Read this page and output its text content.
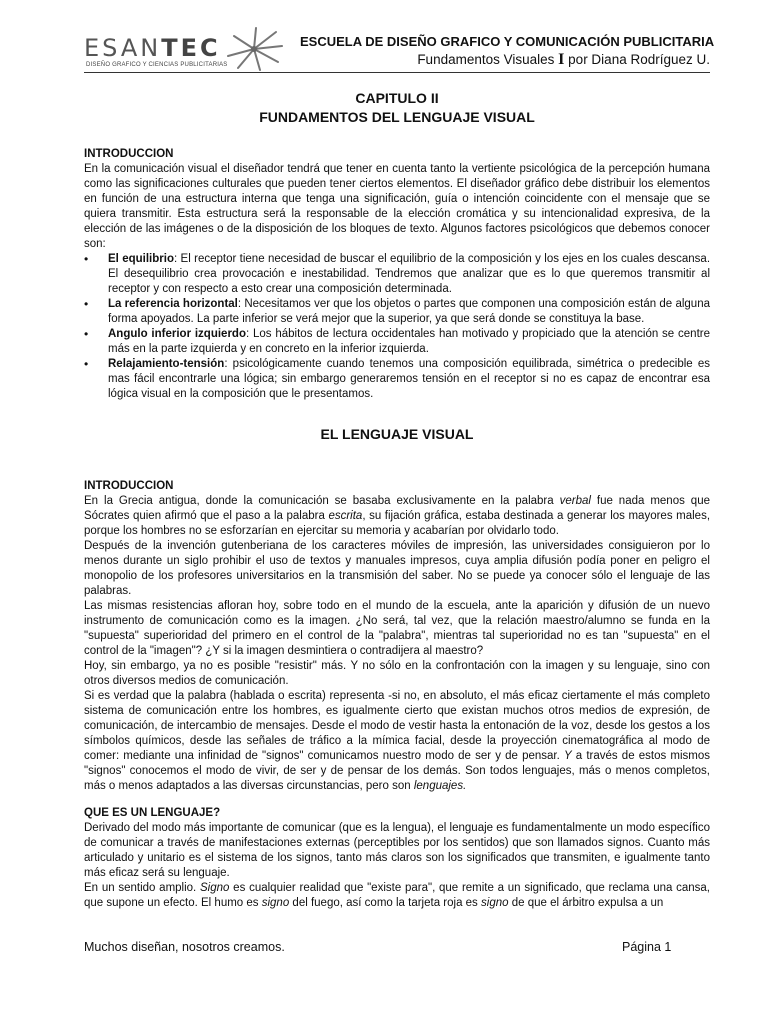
ESANTEC
DISEÑO GRAFICO Y CIENCIAS PUBLICITARIAS
ESCUELA DE DISEÑO GRAFICO Y COMUNICACIÓN PUBLICITARIA
Fundamentos Visuales I por Diana Rodríguez U.
CAPITULO II
FUNDAMENTOS DEL LENGUAJE VISUAL
INTRODUCCION

En la comunicación visual el diseñador tendrá que tener en cuenta tanto la vertiente psicológica de la percepción humana como las significaciones culturales que pueden tener ciertos elementos. El diseñador gráfico debe distribuir los elementos en función de una estructura interna que tenga una significación, guía o intención coincidente con el mensaje que se quiera transmitir. Esta estructura será la responsable de la elección cromática y su intencionalidad expresiva, de la elección de las imágenes o de la disposición de los bloques de texto. Algunos factores psicológicos que debemos conocer son:

• El equilibrio: El receptor tiene necesidad de buscar el equilibrio de la composición y los ejes en los cuales descansa. El desequilibrio crea provocación e inestabilidad. Tendremos que analizar que es lo que queremos transmitir al receptor y con respecto a esto crear una composición determinada.
• La referencia horizontal: Necesitamos ver que los objetos o partes que componen una composición están de alguna forma apoyados. La parte inferior se verá mejor que la superior, ya que será donde se constituya la base.
• Angulo inferior izquierdo: Los hábitos de lectura occidentales han motivado y propiciado que la atención se centre más en la parte izquierda y en concreto en la inferior izquierda.
• Relajamiento-tensión: psicológicamente cuando tenemos una composición equilibrada, simétrica o predecible es mas fácil encontrarle una lógica; sin embargo generaremos tensión en el receptor si no es capaz de encontrar esa lógica visual en la composición que le presentamos.
EL LENGUAJE VISUAL
INTRODUCCION

En la Grecia antigua, donde la comunicación se basaba exclusivamente en la palabra verbal fue nada menos que Sócrates quien afirmó que el paso a la palabra escrita, su fijación gráfica, estaba destinada a generar los mayores males, porque los hombres no se esforzarían en ejercitar su memoria y acabarían por olvidarlo todo.

Después de la invención gutenberiana de los caracteres móviles de impresión, las universidades consiguieron por lo menos durante un siglo prohibir el uso de textos y manuales impresos, cuya amplia difusión podía poner en peligro el monopolio de los profesores universitarios en la transmisión del saber. No se puede ya conocer sólo el lenguaje de las palabras.

Las mismas resistencias afloran hoy, sobre todo en el mundo de la escuela, ante la aparición y difusión de un nuevo instrumento de comunicación como es la imagen. ¿No será, tal vez, que la relación maestro/alumno se funda en la "supuesta" superioridad del primero en el control de la "palabra", mientras tal superioridad no es tan "supuesta" en el control de la "imagen"? ¿Y si la imagen desmintiera o contradijera al maestro?

Hoy, sin embargo, ya no es posible "resistir" más. Y no sólo en la confrontación con la imagen y su lenguaje, sino con otros diversos medios de comunicación.

Si es verdad que la palabra (hablada o escrita) representa -si no, en absoluto, el más eficaz ciertamente el más completo sistema de comunicación entre los hombres, es igualmente cierto que existan muchos otros medios de expresión, de comunicación, de intercambio de mensajes. Desde el modo de vestir hasta la entonación de la voz, desde los gestos a los símbolos químicos, desde las señales de tráfico a la mímica facial, desde la proyección cinematográfica al modo de comer: mediante una infinidad de "signos" comunicamos nuestro modo de ser y de pensar. Y a través de estos mismos "signos" conocemos el modo de vivir, de ser y de pensar de los demás. Son todos lenguajes, más o menos completos, más o menos adaptados a las diversas circunstancias, pero son lenguajes.

QUE ES UN LENGUAJE?

Derivado del modo más importante de comunicar (que es la lengua), el lenguaje es fundamentalmente un modo específico de comunicar a través de manifestaciones externas (perceptibles por los sentidos) que son llamados signos. Cuanto más articulado y unitario es el sistema de los signos, tanto más claros son los significados que transmiten, e igualmente tanto más eficaz será su lenguaje.

En un sentido amplio. Signo es cualquier realidad que "existe para", que remite a un significado, que reclama una cansa, que supone un efecto. El humo es signo del fuego, así como la tarjeta roja es signo de que el árbitro expulsa a un

Muchos diseñan, nosotros creamos.	Página 1
